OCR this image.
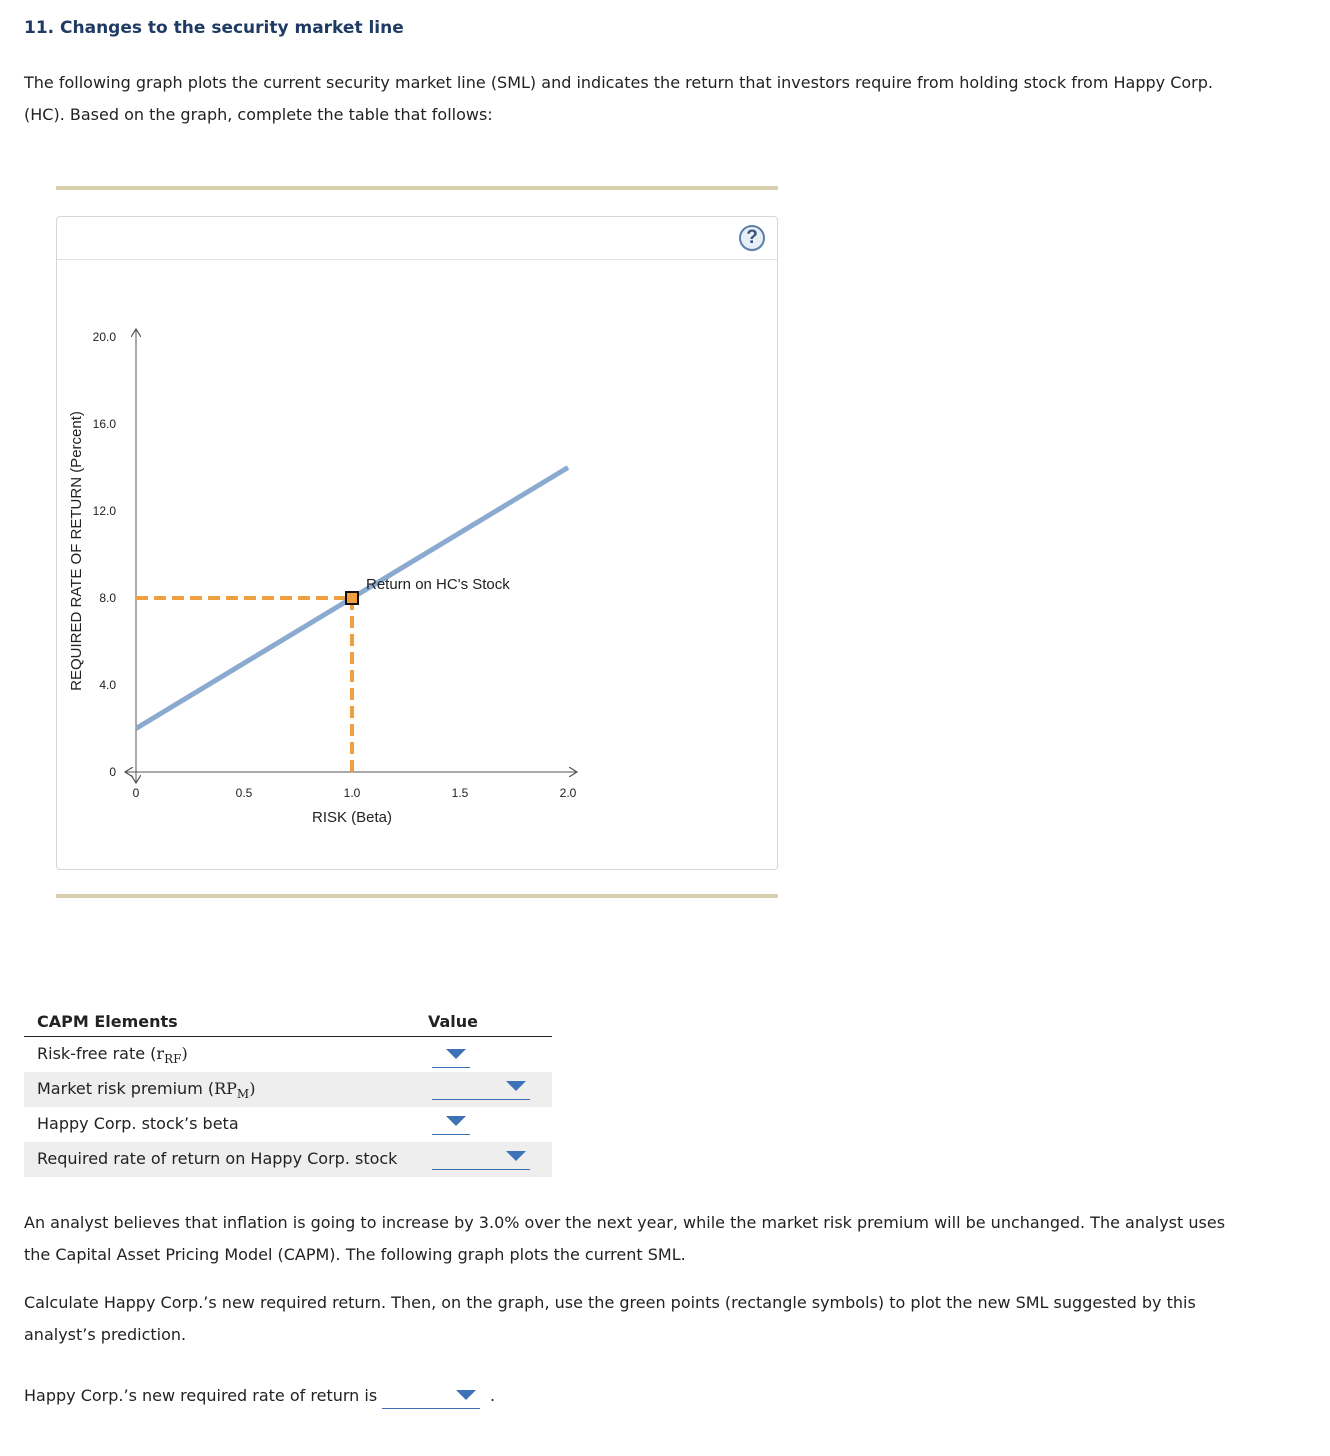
11. Changes to the security market line
The following graph plots the current security market line (SML) and indicates the return that investors require from holding stock from Happy Corp.
(HC). Based on the graph, complete the table that follows:
?
0
4.0
8.0
12.0
16.0
20.0
0	0.5	1.0	1.5	2.0
REQUIRED RATE OF RETURN (Percent)
RISK (Beta)
Return on HC's Stock
CAPM Elements	Value
Risk-free rate $(r_{RF})$
Market risk premium $(RP_M)$
Happy Corp. stock’s beta
Required rate of return on Happy Corp. stock
An analyst believes that inflation is going to increase by 3.0% over the next year, while the market risk premium will be unchanged. The analyst uses
the Capital Asset Pricing Model (CAPM). The following graph plots the current SML.
Calculate Happy Corp.’s new required return. Then, on the graph, use the green points (rectangle symbols) to plot the new SML suggested by this
analyst’s prediction.
Happy Corp.’s new required rate of return is	.
